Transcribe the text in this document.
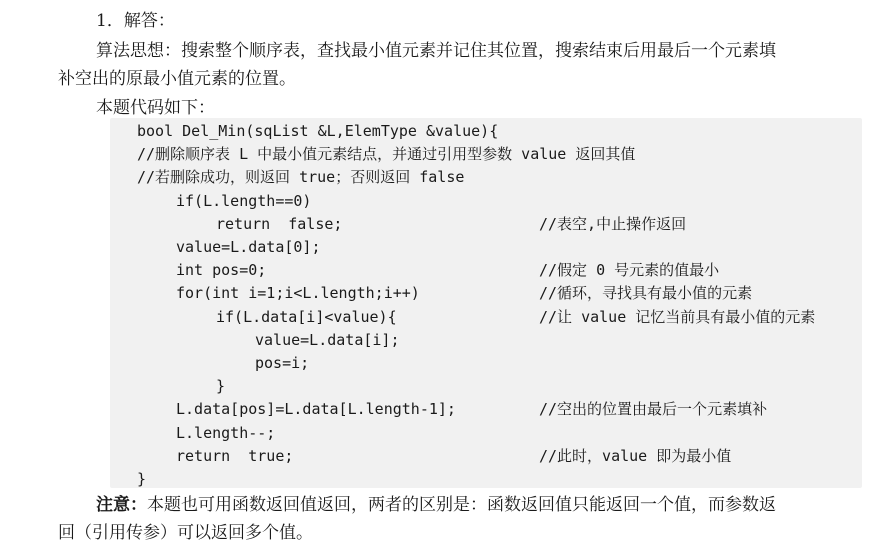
1．解答：

算法思想：搜索整个顺序表，查找最小值元素并记住其位置，搜索结束后用最后一个元素填

补空出的原最小值元素的位置。

本题代码如下：

bool Del_Min(sqList &L,ElemType &value){
//删除顺序表 L 中最小值元素结点，并通过引用型参数 value 返回其值
//若删除成功，则返回 true；否则返回 false
if(L.length==0)
return  false;	//表空,中止操作返回
value=L.data[0];
int pos=0;	//假定 0 号元素的值最小
for(int i=1;i<L.length;i++)	//循环，寻找具有最小值的元素
if(L.data[i]<value){	//让 value 记忆当前具有最小值的元素
value=L.data[i];
pos=i;
}
L.data[pos]=L.data[L.length-1];	//空出的位置由最后一个元素填补
L.length--;
return  true;	//此时，value 即为最小值
}

注意：本题也可用函数返回值返回，两者的区别是：函数返回值只能返回一个值，而参数返

回（引用传参）可以返回多个值。
